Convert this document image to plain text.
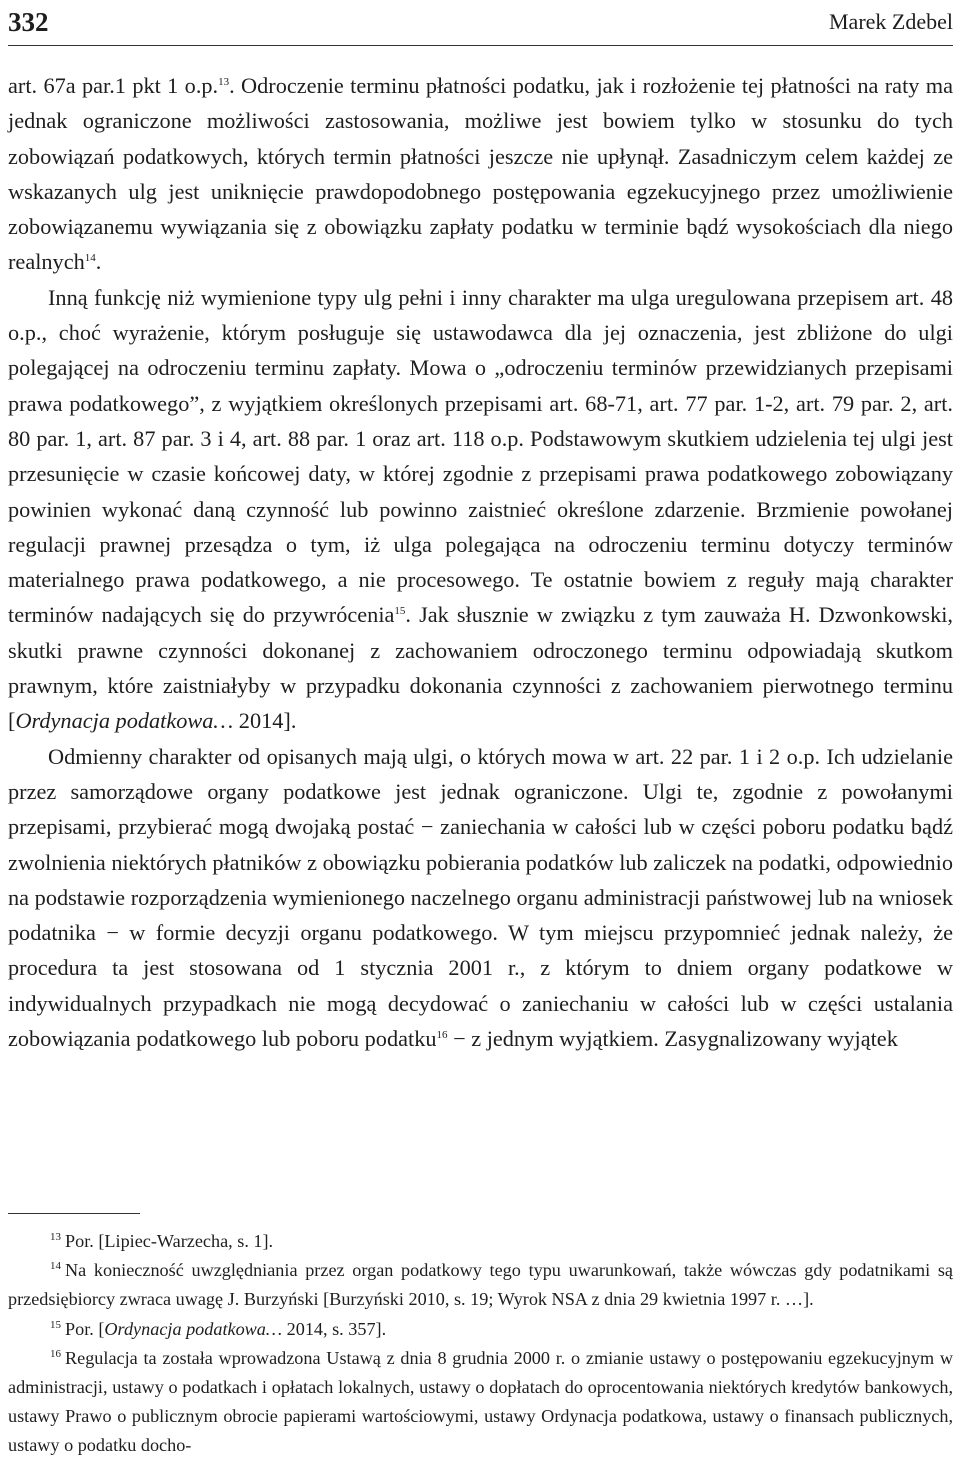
332	Marek Zdebel

art. 67a par.1 pkt 1 o.p.$^{13}$. Odroczenie terminu płatności podatku, jak i rozłożenie tej płatności na raty ma jednak ograniczone możliwości zastosowania, możliwe jest bowiem tylko w stosunku do tych zobowiązań podatkowych, których termin płatności jeszcze nie upłynął. Zasadniczym celem każdej ze wskazanych ulg jest uniknięcie prawdopodobnego postępowania egzekucyjnego przez umożliwienie zobowiązanemu wywiązania się z obowiązku zapłaty podatku w terminie bądź wysokościach dla niego realnych$^{14}$.

Inną funkcję niż wymienione typy ulg pełni i inny charakter ma ulga uregulowana przepisem art. 48 o.p., choć wyrażenie, którym posługuje się ustawodawca dla jej oznaczenia, jest zbliżone do ulgi polegającej na odroczeniu terminu zapłaty. Mowa o „odroczeniu terminów przewidzianych przepisami prawa podatkowego”, z wyjątkiem określonych przepisami art. 68-71, art. 77 par. 1-2, art. 79 par. 2, art. 80 par. 1, art. 87 par. 3 i 4, art. 88 par. 1 oraz art. 118 o.p. Podstawowym skutkiem udzielenia tej ulgi jest przesunięcie w czasie końcowej daty, w której zgodnie z przepisami prawa podatkowego zobowiązany powinien wykonać daną czynność lub powinno zaistnieć określone zdarzenie. Brzmienie powołanej regulacji prawnej przesądza o tym, iż ulga polegająca na odroczeniu terminu dotyczy terminów materialnego prawa podatkowego, a nie procesowego. Te ostatnie bowiem z reguły mają charakter terminów nadających się do przywrócenia$^{15}$. Jak słusznie w związku z tym zauważa H. Dzwonkowski, skutki prawne czynności dokonanej z zachowaniem odroczonego terminu odpowiadają skutkom prawnym, które zaistniałyby w przypadku dokonania czynności z zachowaniem pierwotnego terminu [Ordynacja podatkowa… 2014].

Odmienny charakter od opisanych mają ulgi, o których mowa w art. 22 par. 1 i 2 o.p. Ich udzielanie przez samorządowe organy podatkowe jest jednak ograniczone. Ulgi te, zgodnie z powołanymi przepisami, przybierać mogą dwojaką postać − zaniechania w całości lub w części poboru podatku bądź zwolnienia niektórych płatników z obowiązku pobierania podatków lub zaliczek na podatki, odpowiednio na podstawie rozporządzenia wymienionego naczelnego organu administracji państwowej lub na wniosek podatnika − w formie decyzji organu podatkowego. W tym miejscu przypomnieć jednak należy, że procedura ta jest stosowana od 1 stycznia 2001 r., z którym to dniem organy podatkowe w indywidualnych przypadkach nie mogą decydować o zaniechaniu w całości lub w części ustalania zobowiązania podatkowego lub poboru podatku$^{16}$ − z jednym wyjątkiem. Zasygnalizowany wyjątek

$^{13}$ Por. [Lipiec-Warzecha, s. 1].

$^{14}$ Na konieczność uwzględniania przez organ podatkowy tego typu uwarunkowań, także wówczas gdy podatnikami są przedsiębiorcy zwraca uwagę J. Burzyński [Burzyński 2010, s. 19; Wyrok NSA z dnia 29 kwietnia 1997 r. …].

$^{15}$ Por. [Ordynacja podatkowa… 2014, s. 357].

$^{16}$ Regulacja ta została wprowadzona Ustawą z dnia 8 grudnia 2000 r. o zmianie ustawy o postępowaniu egzekucyjnym w administracji, ustawy o podatkach i opłatach lokalnych, ustawy o dopłatach do oprocentowania niektórych kredytów bankowych, ustawy Prawo o publicznym obrocie papierami wartościowymi, ustawy Ordynacja podatkowa, ustawy o finansach publicznych, ustawy o podatku docho-
